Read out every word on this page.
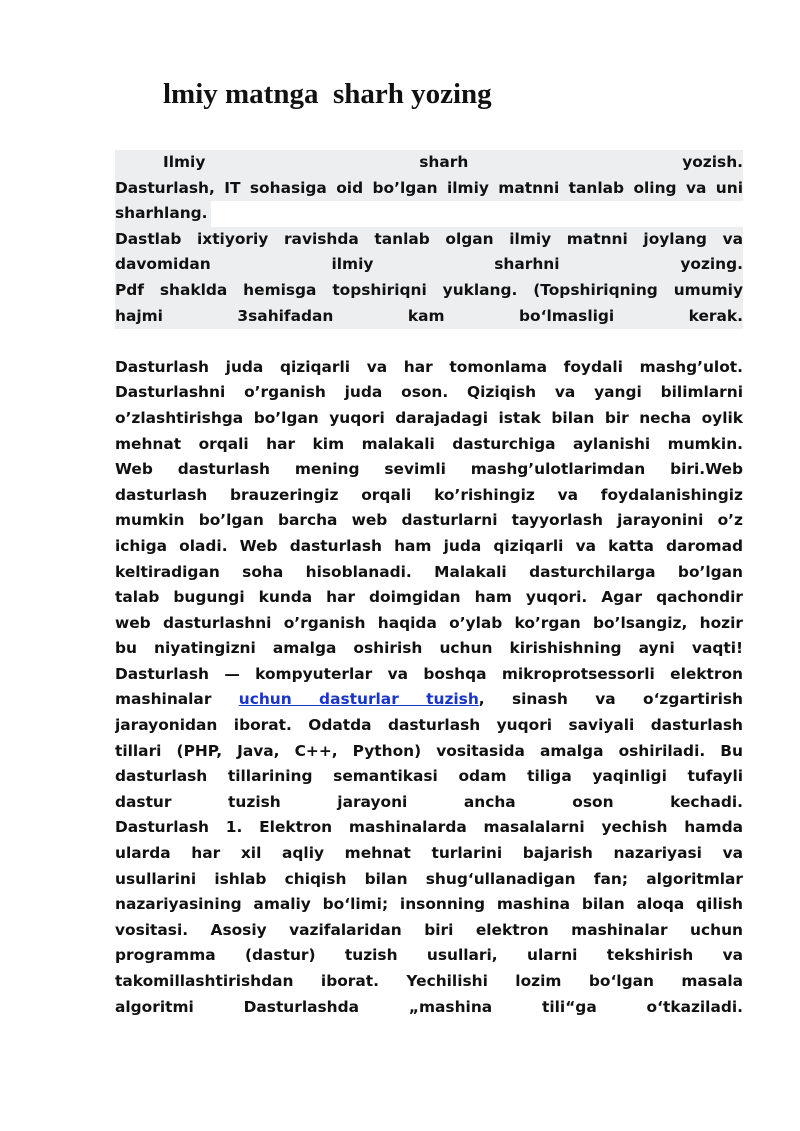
lmiy matnga  sharh yozing
Ilmiy sharh yozish.
Dasturlash, IT sohasiga oid bo’lgan ilmiy matnni tanlab oling va uni
sharhlang.
Dastlab ixtiyoriy ravishda tanlab olgan ilmiy matnni joylang va
davomidan ilmiy sharhni yozing.
Pdf shaklda hemisga topshiriqni yuklang. (Topshiriqning umumiy
hajmi 3sahifadan kam bo‘lmasligi kerak.
Dasturlash juda qiziqarli va har tomonlama foydali mashg’ulot.
Dasturlashni o’rganish juda oson. Qiziqish va yangi bilimlarni
o’zlashtirishga bo’lgan yuqori darajadagi istak bilan bir necha oylik
mehnat orqali har kim malakali dasturchiga aylanishi mumkin.
Web dasturlash mening sevimli mashg’ulotlarimdan biri.Web
dasturlash brauzeringiz orqali ko’rishingiz va foydalanishingiz
mumkin bo’lgan barcha web dasturlarni tayyorlash jarayonini o’z
ichiga oladi. Web dasturlash ham juda qiziqarli va katta daromad
keltiradigan soha hisoblanadi. Malakali dasturchilarga bo’lgan
talab bugungi kunda har doimgidan ham yuqori. Agar qachondir
web dasturlashni o’rganish haqida o’ylab ko’rgan bo’lsangiz, hozir
bu niyatingizni amalga oshirish uchun kirishishning ayni vaqti!
Dasturlash — kompyuterlar va boshqa mikroprotsessorli elektron
mashinalar uchun dasturlar tuzish, sinash va o‘zgartirish
jarayonidan iborat. Odatda dasturlash yuqori saviyali dasturlash
tillari (PHP, Java, C++, Python) vositasida amalga oshiriladi. Bu
dasturlash tillarining semantikasi odam tiliga yaqinligi tufayli
dastur tuzish jarayoni ancha oson kechadi.
Dasturlash 1. Elektron mashinalarda masalalarni yechish hamda
ularda har xil aqliy mehnat turlarini bajarish nazariyasi va
usullarini ishlab chiqish bilan shug‘ullanadigan fan; algoritmlar
nazariyasining amaliy bo‘limi; insonning mashina bilan aloqa qilish
vositasi. Asosiy vazifalaridan biri elektron mashinalar uchun
programma (dastur) tuzish usullari, ularni tekshirish va
takomillashtirishdan iborat. Yechilishi lozim bo‘lgan masala
algoritmi Dasturlashda „mashina tili“ga o‘tkaziladi.
